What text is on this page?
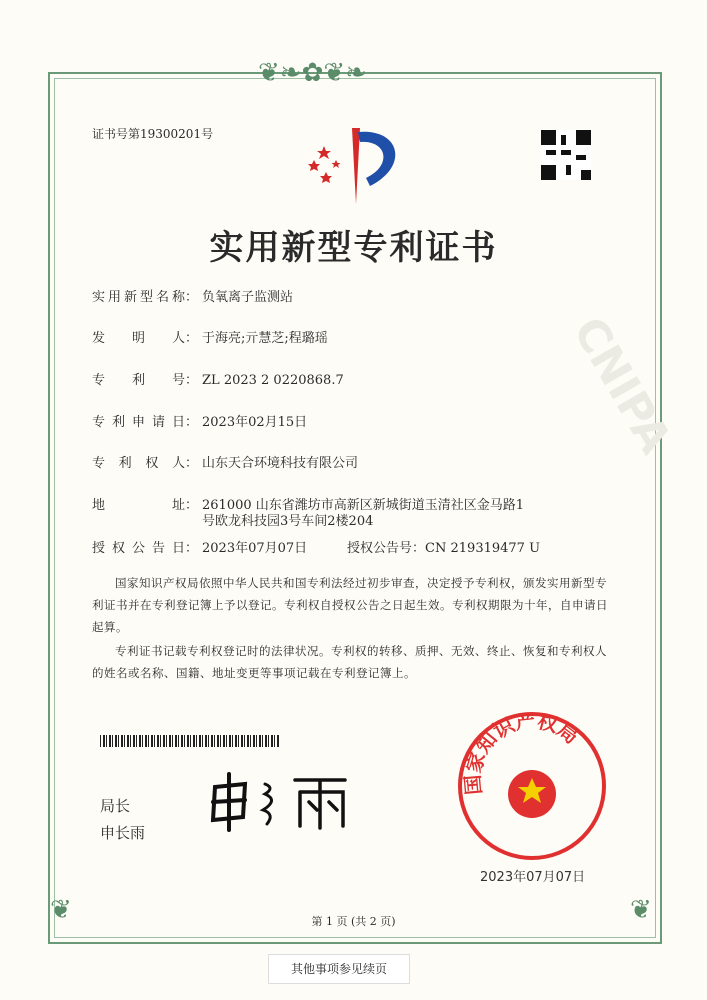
❦❧✿❦❧
❦	❦
CNIPA
证书号第19300201号
实用新型专利证书
实用新型名称 ： 负氧离子监测站
发明人 ： 于海亮;亓慧芝;程璐瑶
专利号 ： ZL 2023 2 0220868.7
专利申请日 ： 2023年02月15日
专利权人 ： 山东天合环境科技有限公司
地址 ： 261000 山东省潍坊市高新区新城街道玉清社区金马路1
号欧龙科技园3号车间2楼204
授权公告日 ： 2023年07月07日	授权公告号 ： CN 219319477 U
国家知识产权局依照中华人民共和国专利法经过初步审查，决定授予专利权，颁发实用新型专利证书并在专利登记簿上予以登记。专利权自授权公告之日起生效。专利权期限为十年，自申请日起算。
专利证书记载专利权登记时的法律状况。专利权的转移、质押、无效、终止、恢复和专利权人的姓名或名称、国籍、地址变更等事项记载在专利登记簿上。
局长
申长雨
国家知识产权局
2023年07月07日
第 1 页 (共 2 页)
其他事项参见续页
